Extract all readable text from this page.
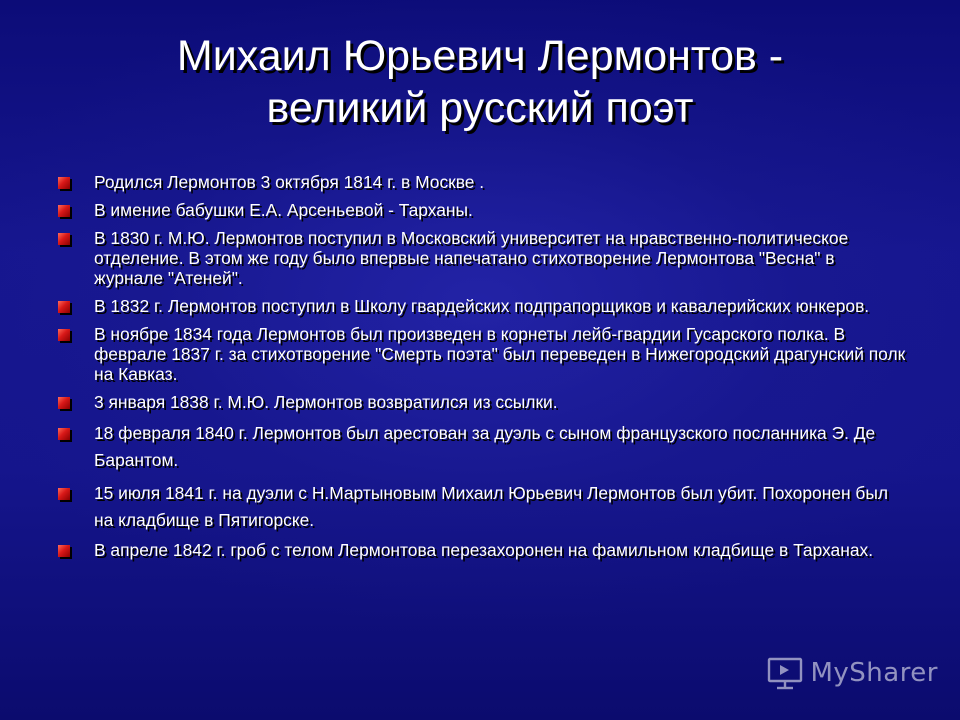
Михаил Юрьевич Лермонтов -
великий русский поэт
Родился Лермонтов 3 октября 1814 г. в Москве .
В имение бабушки Е.А. Арсеньевой - Тарханы.
В 1830 г. М.Ю. Лермонтов поступил в Московский университет на нравственно-политическое отделение. В этом же году было впервые напечатано стихотворение Лермонтова "Весна" в журнале "Атеней".
В 1832 г. Лермонтов поступил в Школу гвардейских подпрапорщиков и кавалерийских юнкеров.
В ноябре 1834 года Лермонтов был произведен в корнеты лейб-гвардии Гусарского полка. В феврале 1837 г. за стихотворение "Смерть поэта" был переведен в Нижегородский драгунский полк на Кавказ.
3 января 1838 г. М.Ю. Лермонтов возвратился из ссылки.
18 февраля 1840 г. Лермонтов был арестован за дуэль с сыном французского посланника Э. Де Барантом.
15 июля 1841 г. на дуэли с Н.Мартыновым Михаил Юрьевич Лермонтов был убит. Похоронен был на кладбище в Пятигорске.
В апреле 1842 г. гроб с телом Лермонтова перезахоронен на фамильном кладбище в Тарханах.
MySharer
